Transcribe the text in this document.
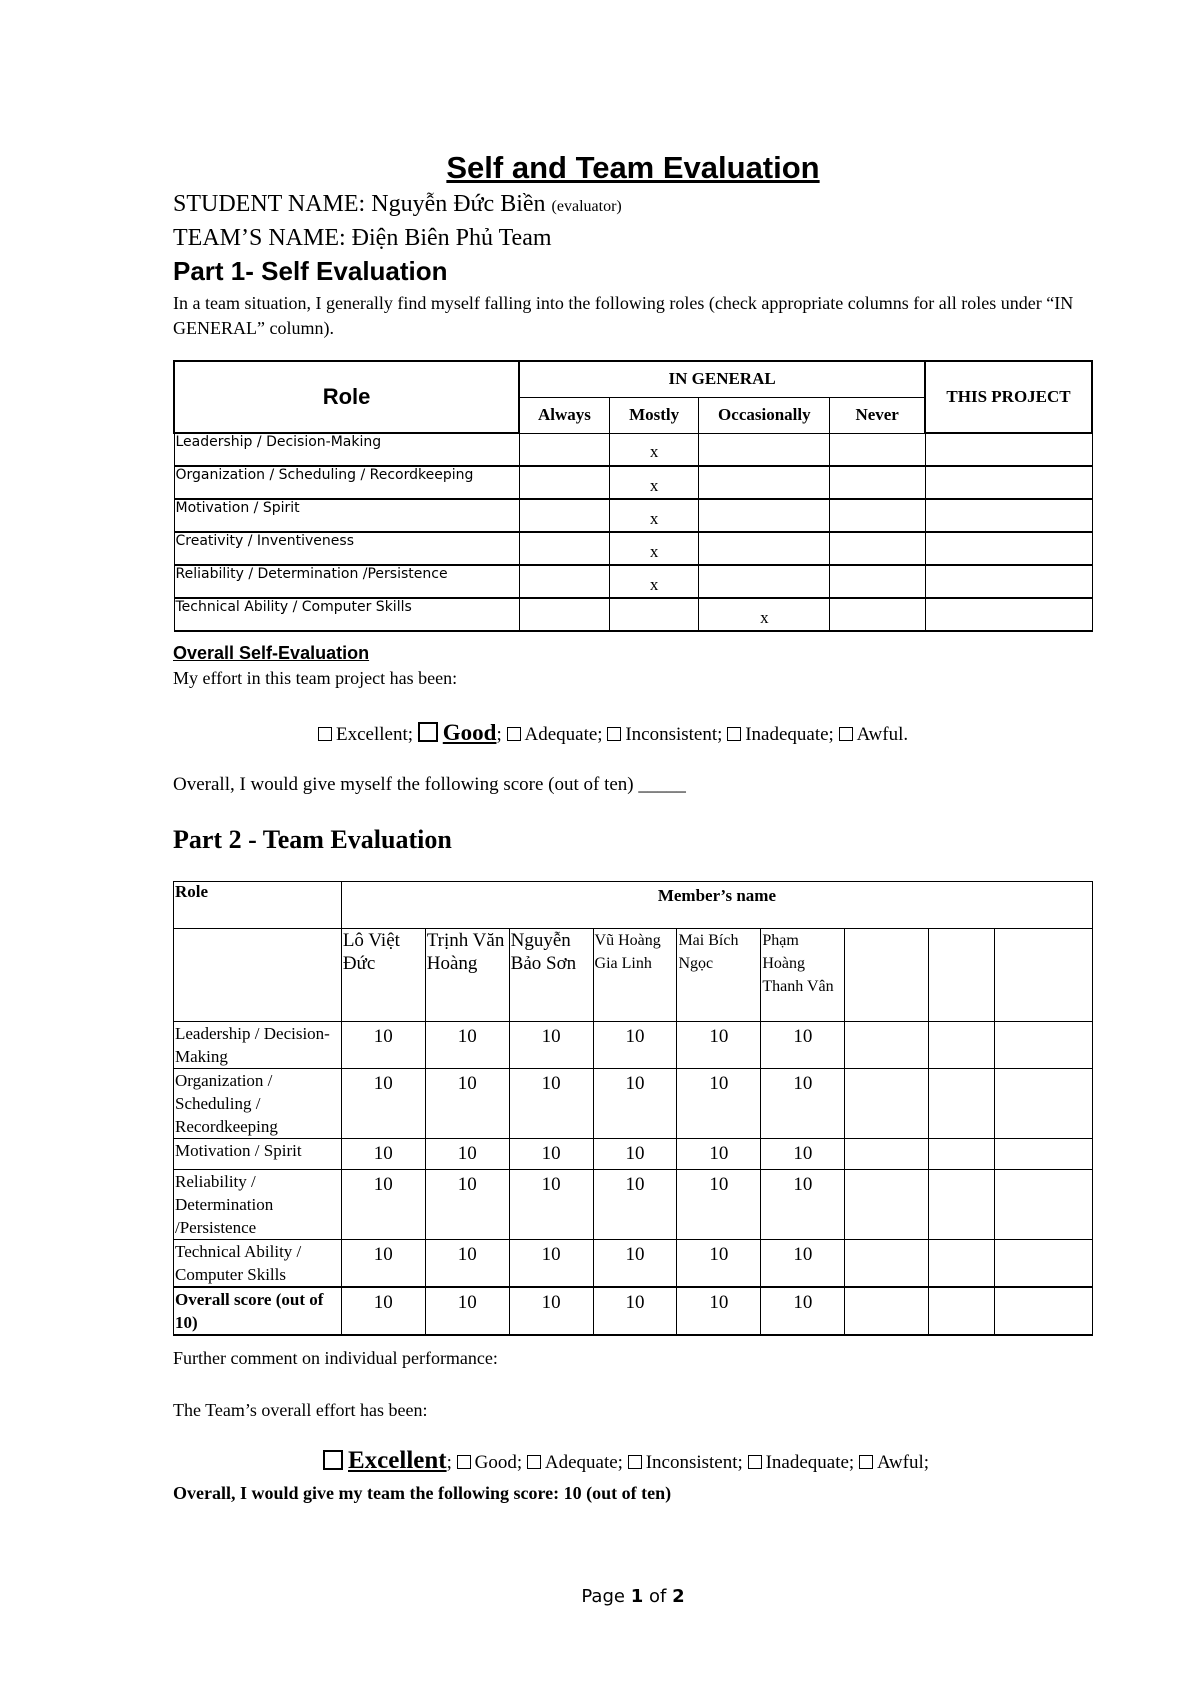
Self and Team Evaluation
STUDENT NAME: Nguyễn Đức Biền (evaluator)
TEAM’S NAME: Điện Biên Phủ Team
Part 1- Self Evaluation
In a team situation, I generally find myself falling into the following roles (check appropriate columns for all roles under “IN GENERAL” column).
Role	IN GENERAL				THIS PROJECT
	Always	Mostly	Occasionally	Never	
Leadership / Decision-Making		x			
Organization / Scheduling / Recordkeeping		x			
Motivation / Spirit		x			
Creativity / Inventiveness		x			
Reliability / Determination /Persistence		x			
Technical Ability / Computer Skills			x		
Overall Self-Evaluation
My effort in this team project has been:
Excellent; Good; Adequate; Inconsistent; Inadequate; Awful.
Overall, I would give myself the following score (out of ten) _____
Part 2 - Team Evaluation
Role	Member’s name								
	Lô Việt Đức	Trịnh Văn Hoàng	Nguyễn Bảo Sơn	Vũ Hoàng Gia Linh	Mai Bích Ngọc	Phạm Hoàng Thanh Vân			
Leadership / Decision-Making	10	10	10	10	10	10			
Organization / Scheduling / Recordkeeping	10	10	10	10	10	10			
Motivation / Spirit	10	10	10	10	10	10			
Reliability / Determination /Persistence	10	10	10	10	10	10			
Technical Ability / Computer Skills	10	10	10	10	10	10			
Overall score (out of 10)	10	10	10	10	10	10			
Further comment on individual performance:
The Team’s overall effort has been:
Excellent; Good; Adequate; Inconsistent; Inadequate; Awful;
Overall, I would give my team the following score: 10 (out of ten)
Page 1 of 2
